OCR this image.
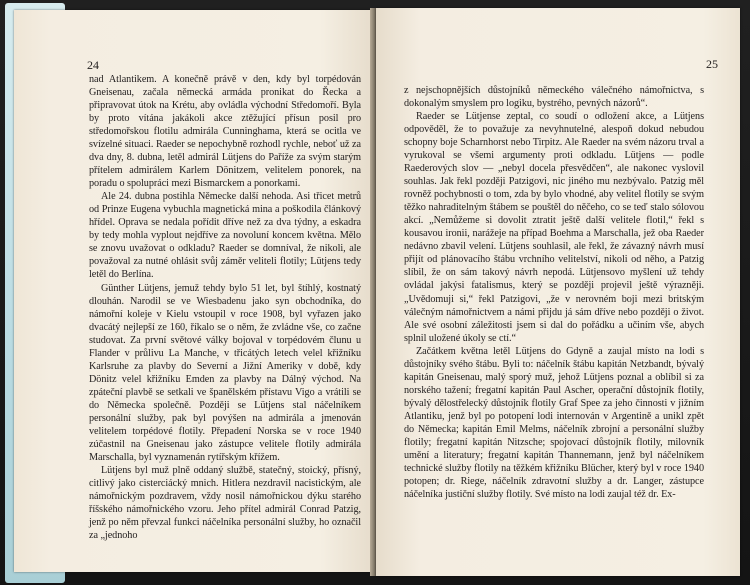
24

nad Atlantikem. A konečně právě v den, kdy byl torpédován Gneisenau, začala německá armáda pronikat do Řecka a připravovat útok na Krétu, aby ovládla východní Středomoří. Byla by proto vítána jakákoli akce ztěžující přísun posil pro středomořskou flotilu admirála Cunninghama, která se ocitla ve svízelné situaci. Raeder se nepochybně rozhodl rychle, neboť už za dva dny, 8. dubna, letěl admirál Lütjens do Paříže za svým starým přítelem admirálem Karlem Dönitzem, velitelem ponorek, na poradu o spolupráci mezi Bismarckem a ponorkami.

Ale 24. dubna postihla Německe další nehoda. Asi třicet metrů od Prinze Eugena vybuchla magnetická mina a poškodila článkový hřídel. Oprava se nedala pořídit dříve než za dva týdny, a eskadra by tedy mohla vyplout nejdříve za novoluní koncem května. Mělo se znovu uvažovat o odkladu? Raeder se domníval, že nikoli, ale považoval za nutné ohlásit svůj záměr veliteli flotily; Lütjens tedy letěl do Berlína.

Günther Lütjens, jemuž tehdy bylo 51 let, byl štíhlý, kostnatý dlouhán. Narodil se ve Wiesbadenu jako syn obchodníka, do námořní koleje v Kielu vstoupil v roce 1908, byl vyřazen jako dvacátý nejlepší ze 160, říkalo se o něm, že zvládne vše, co začne studovat. Za první světové války bojoval v torpédovém člunu u Flander v průlivu La Manche, v třicátých letech velel křižníku Karlsruhe za plavby do Severní a Jižní Ameriky v době, kdy Dönitz velel křižníku Emden za plavby na Dálný východ. Na zpáteční plavbě se setkali ve španělském přístavu Vigo a vrátili se do Německa společně. Později se Lütjens stal náčelníkem personální služby, pak byl povýšen na admirála a jmenován velitelem torpédové flotily. Přepadení Norska se v roce 1940 zúčastnil na Gneisenau jako zástupce velitele flotily admirála Marschalla, byl vyznamenán rytířským křížem.

Lütjens byl muž plně oddaný službě, statečný, stoický, přísný, citlivý jako cisterciácký mnich. Hitlera nezdravil nacistickým, ale námořnickým pozdravem, vždy nosil námořnickou dýku starého říšského námořnického vzoru. Jeho přítel admirál Conrad Patzig, jenž po něm převzal funkci náčelníka personální služby, ho označil za „jednoho

25

z nejschopnějších důstojníků německého válečného námořnictva, s dokonalým smyslem pro logiku, bystrého, pevných názorů“.

Raeder se Lütjense zeptal, co soudí o odložení akce, a Lütjens odpověděl, že to považuje za nevyhnutelné, alespoň dokud nebudou schopny boje Scharnhorst nebo Tirpitz. Ale Raeder na svém názoru trval a vyrukoval se všemi argumenty proti odkladu. Lütjens — podle Raederových slov — „nebyl docela přesvědčen“, ale nakonec vyslovil souhlas. Jak řekl později Patzigovi, nic jiného mu nezbývalo. Patzig měl rovněž pochybnosti o tom, zda by bylo vhodné, aby velitel flotily se svým těžko nahraditelným štábem se pouštěl do něčeho, co se teď stalo sólovou akcí. „Nemůžeme si dovolit ztratit ještě další velitele flotil,“ řekl s kousavou ironii, narážeje na případ Boehma a Marschalla, jež oba Raeder nedávno zbavil velení. Lütjens souhlasil, ale řekl, že závazný návrh musí přijít od plánovacího štábu vrchního velitelství, nikoli od něho, a Patzig slíbil, že on sám takový návrh nepodá. Lütjensovo myšlení už tehdy ovládal jakýsi fatalismus, který se později projevil ještě výrazněji. „Uvědomuji si,“ řekl Patzigovi, „že v nerovném boji mezi britským válečným námořnictvem a námi přijdu já sám dříve nebo později o život. Ale své osobní záležitosti jsem si dal do pořádku a učiním vše, abych splnil uložené úkoly se ctí.“

Začátkem května letěl Lütjens do Gdyně a zaujal místo na lodi s důstojníky svého štábu. Byli to: náčelník štábu kapitán Netzbandt, bývalý kapitán Gneisenau, malý sporý muž, jehož Lütjens poznal a oblíbil si za norského tažení; fregatní kapitán Paul Ascher, operační důstojník flotily, bývalý dělostřelecký důstojník flotily Graf Spee za jeho činnosti v jižním Atlantiku, jenž byl po potopení lodi internován v Argentině a unikl zpět do Německa; kapitán Emil Melms, náčelník zbrojní a personální služby flotily; fregatní kapitán Nitzsche; spojovací důstojník flotily, milovník umění a literatury; fregatní kapitán Thannemann, jenž byl náčelníkem technické služby flotily na těžkém křižníku Blücher, který byl v roce 1940 potopen; dr. Riege, náčelník zdravotní služby a dr. Langer, zástupce náčelníka justiční služby flotily. Své místo na lodi zaujal též dr. Ex-
